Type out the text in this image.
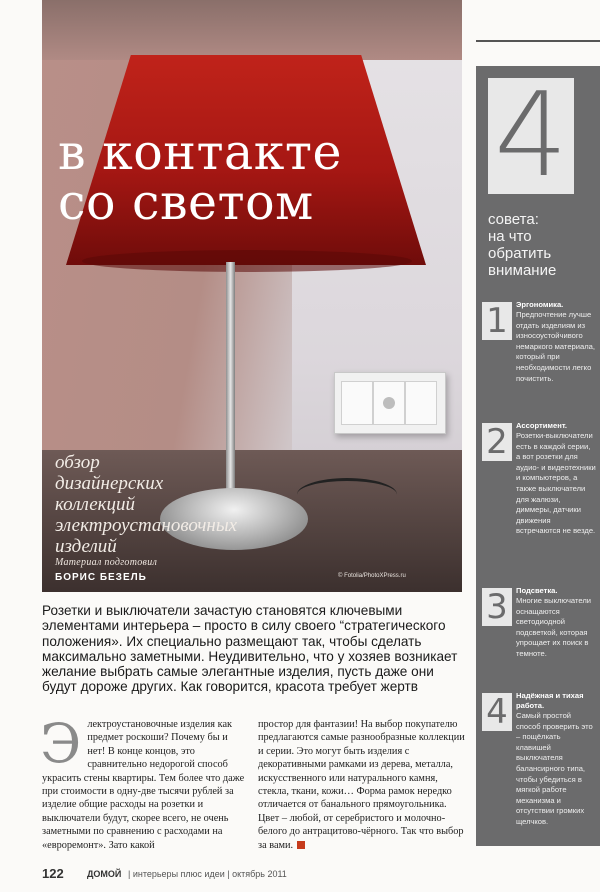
в контакте
со светом

обзор
дизайнерских
коллекций
электроустановочных
изделий

Материал подготовил
БОРИС БЕЗЕЛЬ	© Fotolia/PhotoXPress.ru
4
совета:
на что
обратить
внимание
1	Эргономика.
Предпочтение лучше отдать изделиям из износоустойчивого немаркого материала, который при необходимости легко почистить.
2	Ассортимент.
Розетки-выключатели есть в каждой серии, а вот розетки для аудио- и видеотехники и компьютеров, а также выключатели для жалюзи, диммеры, датчики движения встречаются не везде.
3	Подсветка.
Многие выключатели оснащаются светодиодной подсветкой, которая упрощает их поиск в темноте.
4	Надёжная и тихая работа.
Самый простой способ проверить это – пощёлкать клавишей выключателя балансирного типа, чтобы убедиться в мягкой работе механизма и отсутствии громких щелчков.

Розетки и выключатели зачастую становятся ключевыми элементами интерьера – просто в силу своего “стратегического положения». Их специально размещают так, чтобы сделать максимально заметными. Неудивительно, что у хозяев возникает желание выбрать самые элегантные изделия, пусть даже они будут дороже других. Как говорится, красота требует жертв

Электроустановочные изделия как предмет роскоши? Почему бы и нет! В конце концов, это сравнительно недорогой способ украсить стены квартиры. Тем более что даже при стоимости в одну-две тысячи рублей за изделие общие расходы на розетки и выключатели будут, скорее всего, не очень заметными по сравнению с расходами на «евроремонт». Зато какой

простор для фантазии! На выбор покупателю предлагаются самые разнообразные коллекции и серии. Это могут быть изделия с декоративными рамками из дерева, металла, искусственного или натурального камня, стекла, ткани, кожи… Форма рамок нередко отличается от банального прямоугольника. Цвет – любой, от серебристого и молочно-белого до антрацитово-чёрного. Так что выбор за вами.

122	ДОМОЙ | интерьеры плюс идеи | октябрь 2011
